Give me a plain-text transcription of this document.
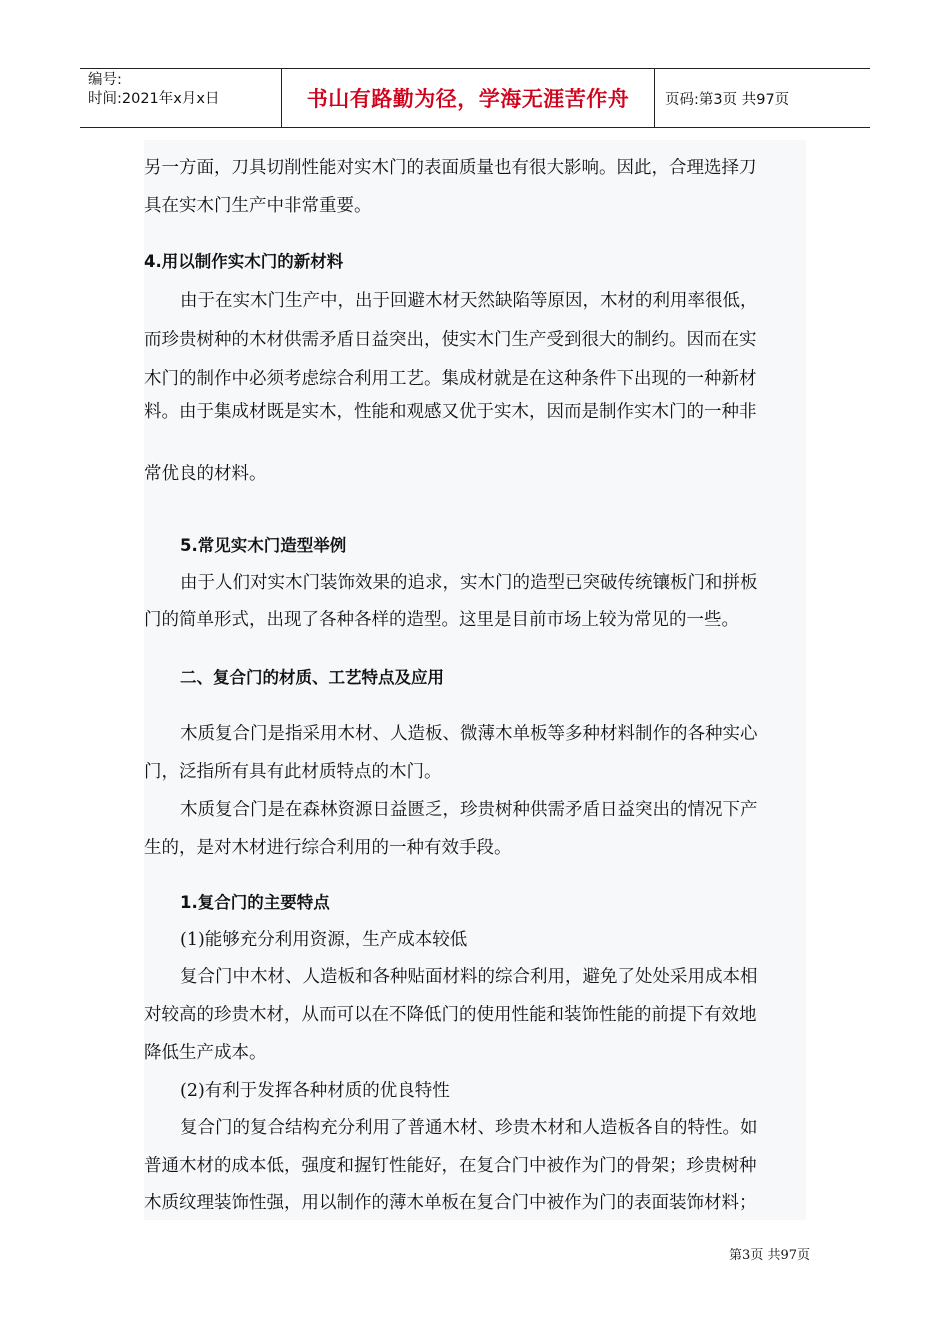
编号:
时间:2021年x月x日	书山有路勤为径，学海无涯苦作舟	页码:第3页 共97页
另一方面，刀具切削性能对实木门的表面质量也有很大影响。因此，合理选择刀
具在实木门生产中非常重要。
4.用以制作实木门的新材料
由于在实木门生产中，出于回避木材天然缺陷等原因，木材的利用率很低，
而珍贵树种的木材供需矛盾日益突出，使实木门生产受到很大的制约。因而在实
木门的制作中必须考虑综合利用工艺。集成材就是在这种条件下出现的一种新材
料。由于集成材既是实木，性能和观感又优于实木，因而是制作实木门的一种非
常优良的材料。
5.常见实木门造型举例
由于人们对实木门装饰效果的追求，实木门的造型已突破传统镶板门和拼板
门的简单形式，出现了各种各样的造型。这里是目前市场上较为常见的一些。
二、复合门的材质、工艺特点及应用
木质复合门是指采用木材、人造板、微薄木单板等多种材料制作的各种实心
门，泛指所有具有此材质特点的木门。
木质复合门是在森林资源日益匮乏，珍贵树种供需矛盾日益突出的情况下产
生的，是对木材进行综合利用的一种有效手段。
1.复合门的主要特点
(1)能够充分利用资源，生产成本较低
复合门中木材、人造板和各种贴面材料的综合利用，避免了处处采用成本相
对较高的珍贵木材，从而可以在不降低门的使用性能和装饰性能的前提下有效地
降低生产成本。
(2)有利于发挥各种材质的优良特性
复合门的复合结构充分利用了普通木材、珍贵木材和人造板各自的特性。如
普通木材的成本低，强度和握钉性能好，在复合门中被作为门的骨架；珍贵树种
木质纹理装饰性强，用以制作的薄木单板在复合门中被作为门的表面装饰材料；
第3页 共97页
